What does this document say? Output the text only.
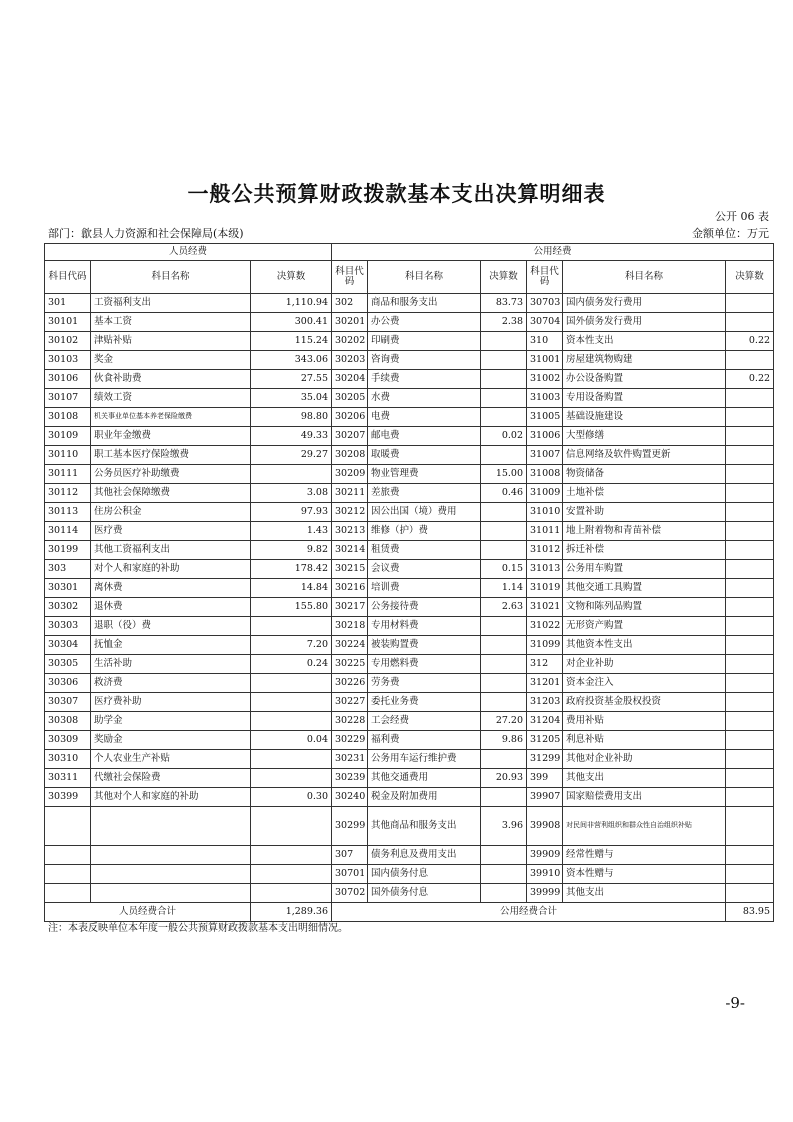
一般公共预算财政拨款基本支出决算明细表
公开 06 表
部门：歙县人力资源和社会保障局(本级)	金额单位：万元
人员经费			公用经费					
科目代码	科目名称	决算数	科目代码	科目名称	决算数	科目代码	科目名称	决算数
301	工资福利支出	1,110.94	302	商品和服务支出	83.73	30703	国内债务发行费用	
30101	基本工资	300.41	30201	办公费	2.38	30704	国外债务发行费用	
30102	津贴补贴	115.24	30202	印刷费		310	资本性支出	0.22
30103	奖金	343.06	30203	咨询费		31001	房屋建筑物购建	
30106	伙食补助费	27.55	30204	手续费		31002	办公设备购置	0.22
30107	绩效工资	35.04	30205	水费		31003	专用设备购置	
30108	机关事业单位基本养老保险缴费	98.80	30206	电费		31005	基础设施建设	
30109	职业年金缴费	49.33	30207	邮电费	0.02	31006	大型修缮	
30110	职工基本医疗保险缴费	29.27	30208	取暖费		31007	信息网络及软件购置更新	
30111	公务员医疗补助缴费		30209	物业管理费	15.00	31008	物资储备	
30112	其他社会保障缴费	3.08	30211	差旅费	0.46	31009	土地补偿	
30113	住房公积金	97.93	30212	因公出国（境）费用		31010	安置补助	
30114	医疗费	1.43	30213	维修（护）费		31011	地上附着物和青苗补偿	
30199	其他工资福利支出	9.82	30214	租赁费		31012	拆迁补偿	
303	对个人和家庭的补助	178.42	30215	会议费	0.15	31013	公务用车购置	
30301	离休费	14.84	30216	培训费	1.14	31019	其他交通工具购置	
30302	退休费	155.80	30217	公务接待费	2.63	31021	文物和陈列品购置	
30303	退职（役）费		30218	专用材料费		31022	无形资产购置	
30304	抚恤金	7.20	30224	被装购置费		31099	其他资本性支出	
30305	生活补助	0.24	30225	专用燃料费		312	对企业补助	
30306	救济费		30226	劳务费		31201	资本金注入	
30307	医疗费补助		30227	委托业务费		31203	政府投资基金股权投资	
30308	助学金		30228	工会经费	27.20	31204	费用补贴	
30309	奖励金	0.04	30229	福利费	9.86	31205	利息补贴	
30310	个人农业生产补贴		30231	公务用车运行维护费		31299	其他对企业补助	
30311	代缴社会保险费		30239	其他交通费用	20.93	399	其他支出	
30399	其他对个人和家庭的补助	0.30	30240	税金及附加费用		39907	国家赔偿费用支出	
			30299	其他商品和服务支出	3.96	39908	对民间非营利组织和群众性自治组织补贴	
			307	债务利息及费用支出		39909	经常性赠与	
			30701	国内债务付息		39910	资本性赠与	
			30702	国外债务付息		39999	其他支出	
人员经费合计		1,289.36	公用经费合计					83.95
注：本表反映单位本年度一般公共预算财政拨款基本支出明细情况。
-9-
